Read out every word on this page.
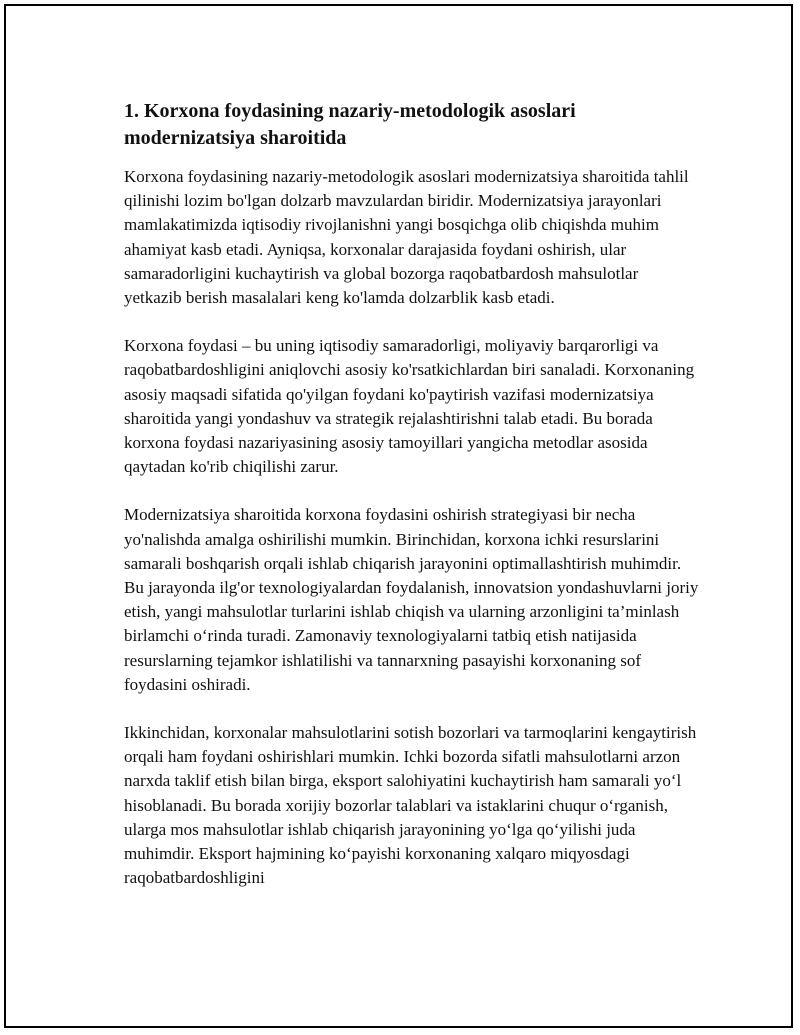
1. Korxona foydasining nazariy-metodologik asoslari modernizatsiya sharoitida

Korxona foydasining nazariy-metodologik asoslari modernizatsiya sharoitida tahlil qilinishi lozim bo'lgan dolzarb mavzulardan biridir. Modernizatsiya jarayonlari mamlakatimizda iqtisodiy rivojlanishni yangi bosqichga olib chiqishda muhim ahamiyat kasb etadi. Ayniqsa, korxonalar darajasida foydani oshirish, ular samaradorligini kuchaytirish va global bozorga raqobatbardosh mahsulotlar yetkazib berish masalalari keng ko'lamda dolzarblik kasb etadi.

Korxona foydasi – bu uning iqtisodiy samaradorligi, moliyaviy barqarorligi va raqobatbardoshligini aniqlovchi asosiy ko'rsatkichlardan biri sanaladi. Korxonaning asosiy maqsadi sifatida qo'yilgan foydani ko'paytirish vazifasi modernizatsiya sharoitida yangi yondashuv va strategik rejalashtirishni talab etadi. Bu borada korxona foydasi nazariyasining asosiy tamoyillari yangicha metodlar asosida qaytadan ko'rib chiqilishi zarur.

Modernizatsiya sharoitida korxona foydasini oshirish strategiyasi bir necha yo'nalishda amalga oshirilishi mumkin. Birinchidan, korxona ichki resurslarini samarali boshqarish orqali ishlab chiqarish jarayonini optimallashtirish muhimdir. Bu jarayonda ilg'or texnologiyalardan foydalanish, innovatsion yondashuvlarni joriy etish, yangi mahsulotlar turlarini ishlab chiqish va ularning arzonligini ta’minlash birlamchi o‘rinda turadi. Zamonaviy texnologiyalarni tatbiq etish natijasida resurslarning tejamkor ishlatilishi va tannarxning pasayishi korxonaning sof foydasini oshiradi.

Ikkinchidan, korxonalar mahsulotlarini sotish bozorlari va tarmoqlarini kengaytirish orqali ham foydani oshirishlari mumkin. Ichki bozorda sifatli mahsulotlarni arzon narxda taklif etish bilan birga, eksport salohiyatini kuchaytirish ham samarali yo‘l hisoblanadi. Bu borada xorijiy bozorlar talablari va istaklarini chuqur o‘rganish, ularga mos mahsulotlar ishlab chiqarish jarayonining yo‘lga qo‘yilishi juda muhimdir. Eksport hajmining ko‘payishi korxonaning xalqaro miqyosdagi raqobatbardoshligini
